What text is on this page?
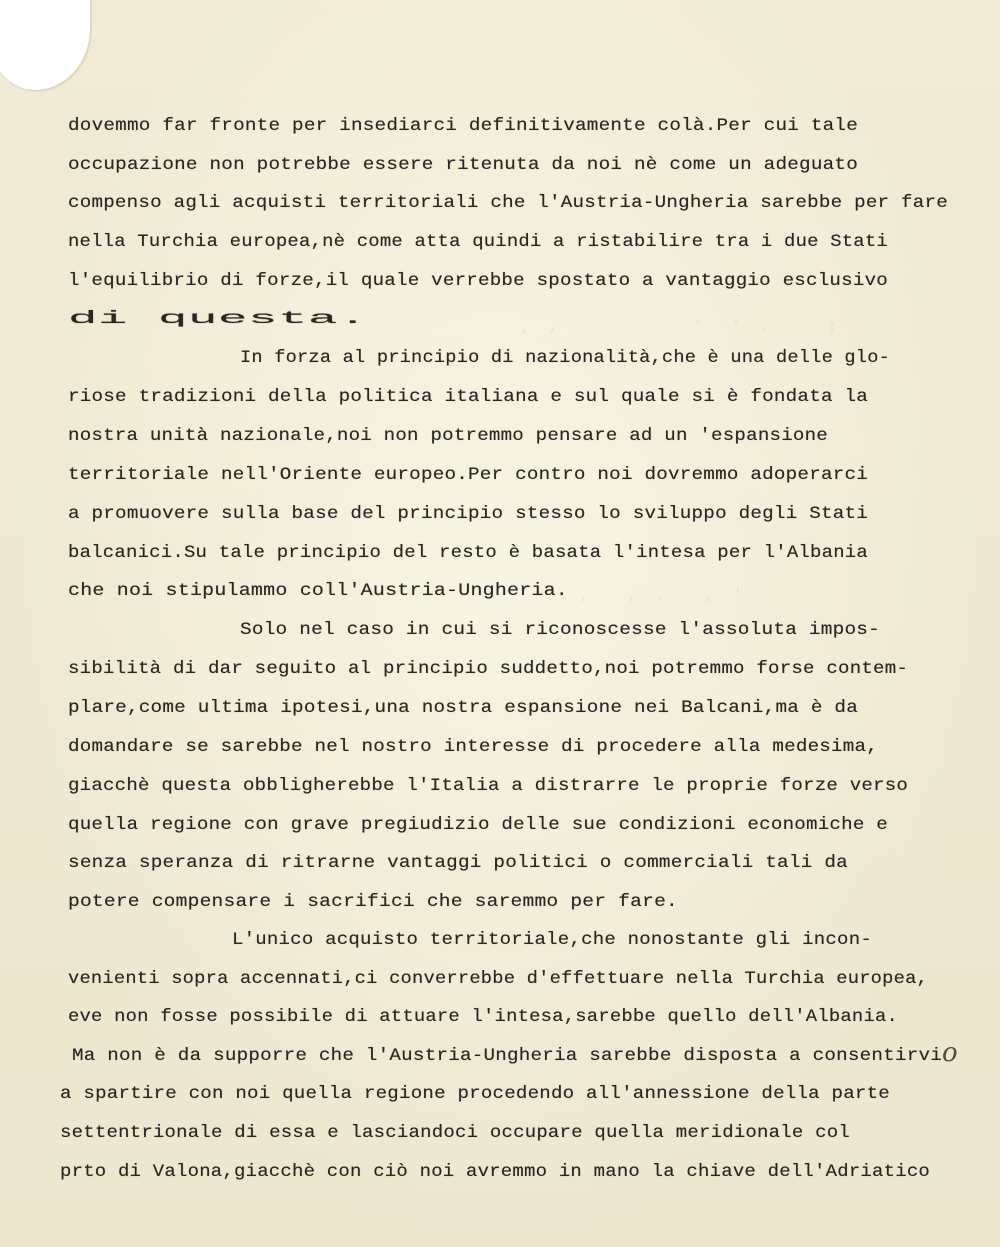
,  ,              '   '  .      :
. ,    ,  .    ,  '

dovemmo far fronte per insediarci definitivamente colà.Per cui tale

occupazione non potrebbe essere ritenuta da noi nè come un adeguato

compenso agli acquisti territoriali che l'Austria-Ungheria sarebbe per fare

nella Turchia europea,nè come atta quindi a ristabilire tra i due Stati

l'equilibrio di forze,il quale verrebbe spostato a vantaggio esclusivo

di questa.

In forza al principio di nazionalità,che è una delle glo-

riose tradizioni della politica italiana e sul quale si è fondata la

nostra unità nazionale,noi non potremmo pensare ad un 'espansione

territoriale nell'Oriente europeo.Per contro noi dovremmo adoperarci

a promuovere sulla base del principio stesso lo sviluppo degli Stati

balcanici.Su tale principio del resto è basata l'intesa per l'Albania

che noi stipulammo coll'Austria-Ungheria.

Solo nel caso in cui si riconoscesse l'assoluta impos-

sibilità di dar seguito al principio suddetto,noi potremmo forse contem-

plare,come ultima ipotesi,una nostra espansione nei Balcani,ma è da

domandare se sarebbe nel nostro interesse di procedere alla medesima,

giacchè questa obbligherebbe l'Italia a distrarre le proprie forze verso

quella regione con grave pregiudizio delle sue condizioni economiche e

senza speranza di ritrarne vantaggi politici o commerciali tali da

potere compensare i sacrifici che saremmo per fare.

L'unico acquisto territoriale,che nonostante gli incon-

venienti sopra accennati,ci converrebbe d'effettuare nella Turchia europea,

eve non fosse possibile di attuare l'intesa,sarebbe quello dell'Albania.

Ma non è da supporre che l'Austria-Ungheria sarebbe disposta a consentirvi

a spartire con noi quella regione procedendo all'annessione della parte

settentrionale di essa e lasciandoci occupare quella meridionale col

prto di Valona,giacchè con ciò noi avremmo in mano la chiave dell'Adriatico

o
